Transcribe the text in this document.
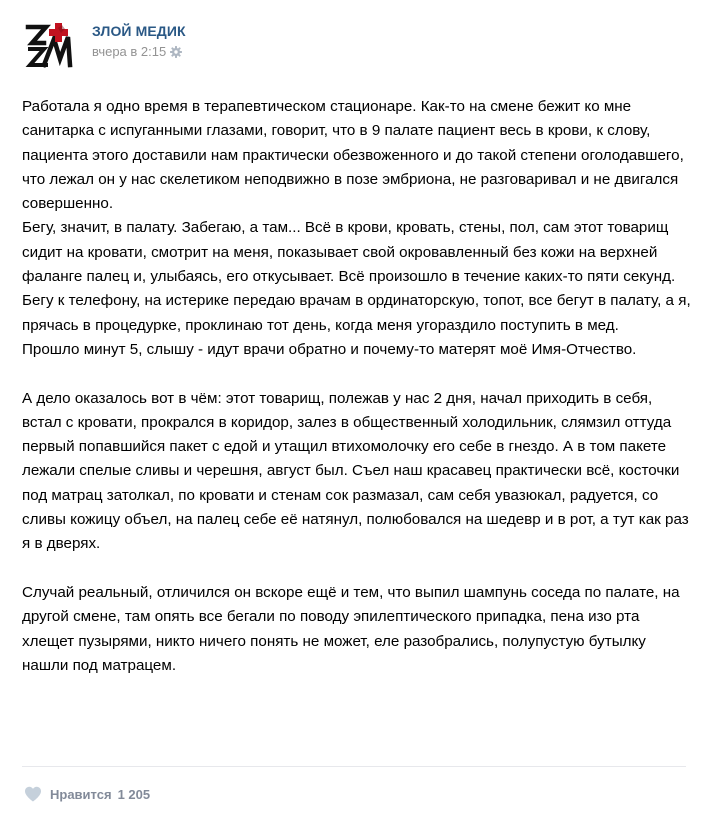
ЗЛОЙ МЕДИК
вчера в 2:15

Работала я одно время в терапевтическом стационаре. Как-то на смене бежит ко мне санитарка с испуганными глазами, говорит, что в 9 палате пациент весь в крови, к слову, пациента этого доставили нам практически обезвоженного и до такой степени оголодавшего, что лежал он у нас скелетиком неподвижно в позе эмбриона, не разговаривал и не двигался совершенно.
Бегу, значит, в палату. Забегаю, а там... Всё в крови, кровать, стены, пол, сам этот товарищ сидит на кровати, смотрит на меня, показывает свой окровавленный без кожи на верхней фаланге палец и, улыбаясь, его откусывает. Всё произошло в течение каких-то пяти секунд.
Бегу к телефону, на истерике передаю врачам в ординаторскую, топот, все бегут в палату, а я, прячась в процедурке, проклинаю тот день, когда меня угораздило поступить в мед.
Прошло минут 5, слышу - идут врачи обратно и почему-то матерят моё Имя-Отчество.

А дело оказалось вот в чём: этот товарищ, полежав у нас 2 дня, начал приходить в себя, встал с кровати, прокрался в коридор, залез в общественный холодильник, слямзил оттуда первый попавшийся пакет с едой и утащил втихомолочку его себе в гнездо. А в том пакете лежали спелые сливы и черешня, август был. Съел наш красавец практически всё, косточки под матрац затолкал, по кровати и стенам сок размазал, сам себя увазюкал, радуется, со сливы кожицу объел, на палец себе её натянул, полюбовался на шедевр и в рот, а тут как раз я в дверях.

Случай реальный, отличился он вскоре ещё и тем, что выпил шампунь соседа по палате, на другой смене, там опять все бегали по поводу эпилептического припадка, пена изо рта хлещет пузырями, никто ничего понять не может, еле разобрались, полупустую бутылку нашли под матрацем.

Нравится 1 205
